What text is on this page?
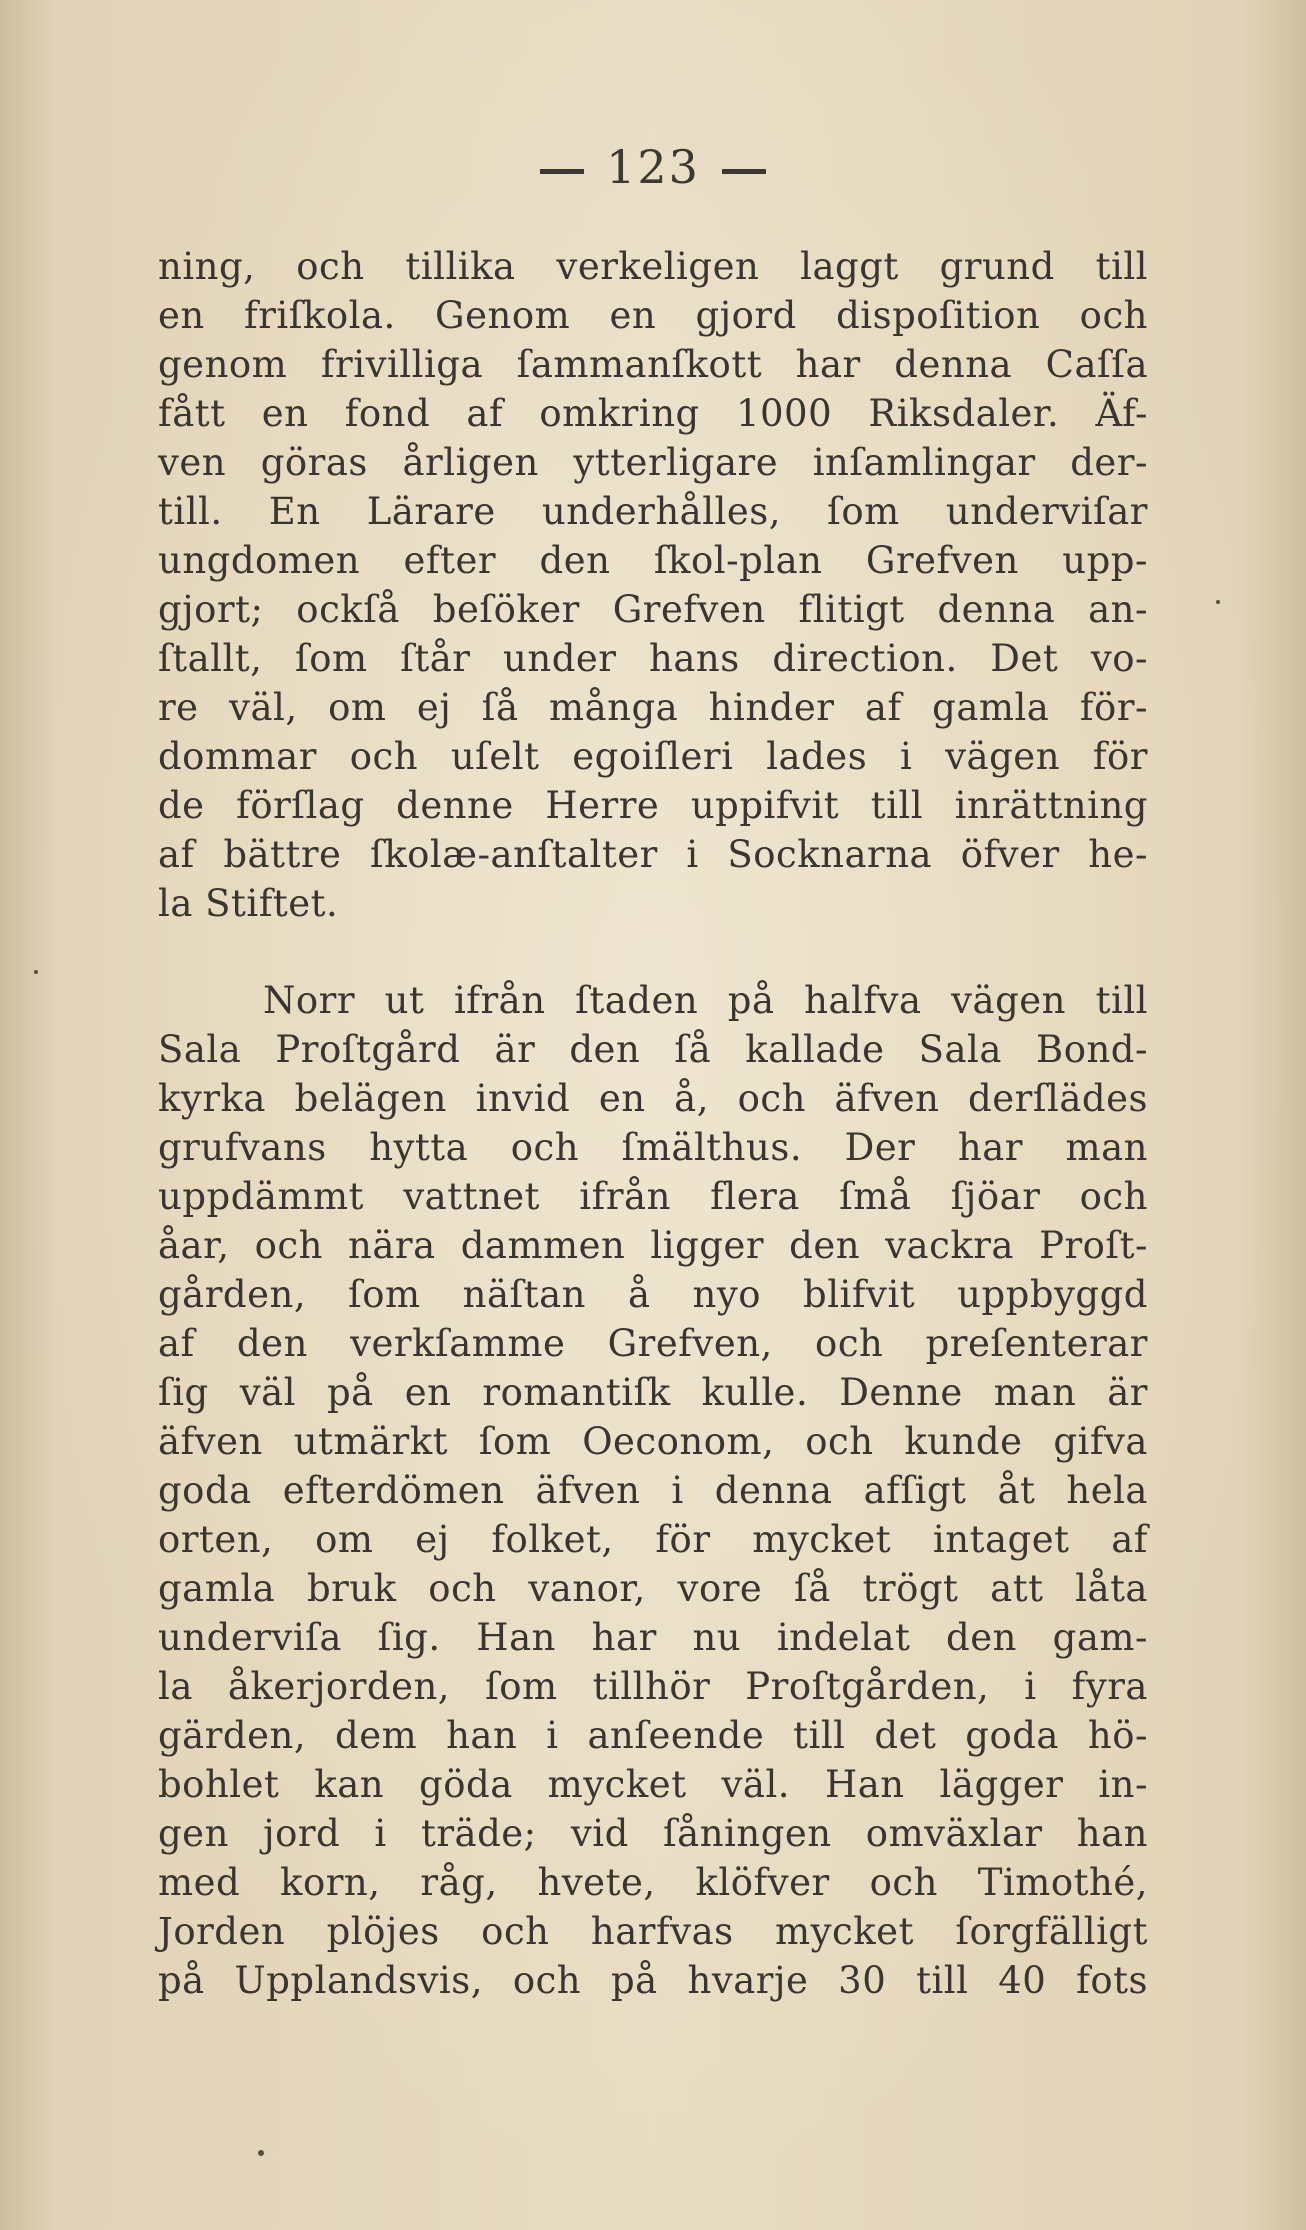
123
ning, och tillika verkeligen laggt grund till
en friſkola. Genom en gjord dispoſition och
genom frivilliga ſammanſkott har denna Caſſa
fått en fond af omkring 1000 Riksdaler. Äf-
ven göras årligen ytterligare inſamlingar der-
till. En Lärare underhålles, ſom underviſar
ungdomen efter den ſkol-plan Grefven upp-
gjort; ockſå beſöker Grefven flitigt denna an-
ſtallt, ſom ſtår under hans direction. Det vo-
re väl, om ej ſå många hinder af gamla för-
dommar och uſelt egoiſleri lades i vägen för
de förſlag denne Herre uppifvit till inrättning
af bättre ſkolæ-anſtalter i Socknarna öfver he-
la Stiftet.
Norr ut ifrån ſtaden på halfva vägen till
Sala Proſtgård är den ſå kallade Sala Bond-
kyrka belägen invid en å, och äfven derſlädes
grufvans hytta och ſmälthus. Der har man
uppdämmt vattnet ifrån flera ſmå ſjöar och
åar, och nära dammen ligger den vackra Proſt-
gården, ſom näſtan å nyo blifvit uppbyggd
af den verkſamme Grefven, och preſenterar
ſig väl på en romantiſk kulle. Denne man är
äfven utmärkt ſom Oeconom, och kunde gifva
goda efterdömen äfven i denna afſigt åt hela
orten, om ej folket, för mycket intaget af
gamla bruk och vanor, vore ſå trögt att låta
underviſa ſig. Han har nu indelat den gam-
la åkerjorden, ſom tillhör Proſtgården, i fyra
gärden, dem han i anſeende till det goda hö-
bohlet kan göda mycket väl. Han lägger in-
gen jord i träde; vid ſåningen omväxlar han
med korn, råg, hvete, klöfver och Timothé,
Jorden plöjes och harfvas mycket ſorgfälligt
på Upplandsvis, och på hvarje 30 till 40 fots
